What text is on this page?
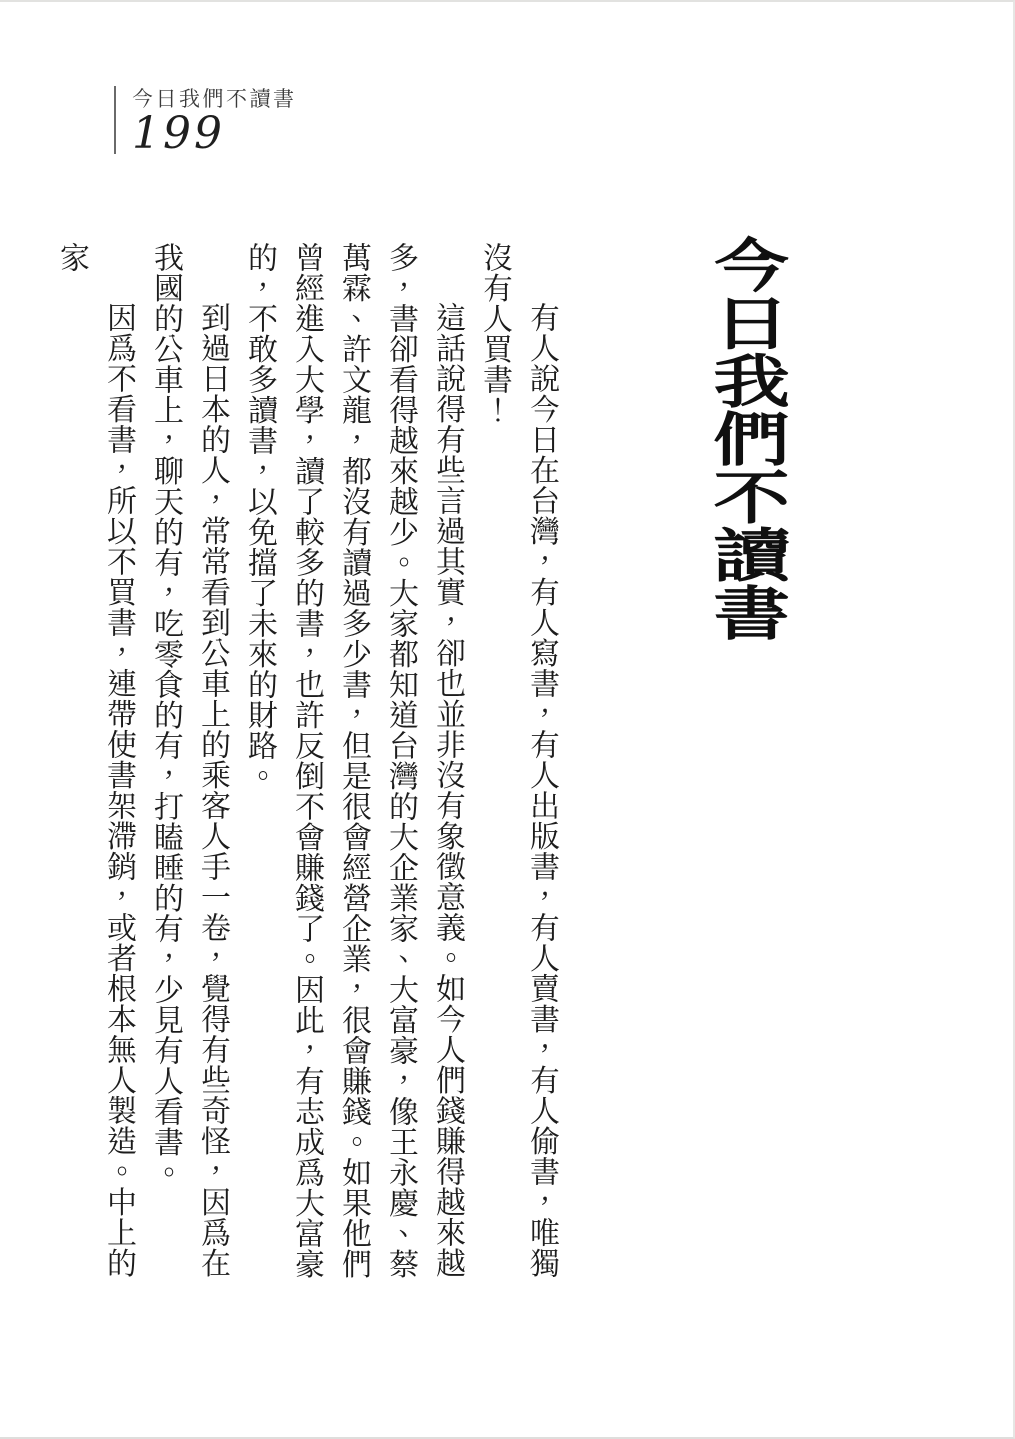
今日我們不讀書
199
今日我們不讀書

有人說今日在台灣，有人寫書，有人出版書，有人賣書，有人偷書，唯獨沒有人買書！

這話說得有些言過其實，卻也並非沒有象徵意義。如今人們錢賺得越來越多，書卻看得越來越少。大家都知道台灣的大企業家、大富豪，像王永慶、蔡萬霖、許文龍，都沒有讀過多少書，但是很會經營企業，很會賺錢。如果他們曾經進入大學，讀了較多的書，也許反倒不會賺錢了。因此，有志成爲大富豪的，不敢多讀書，以免擋了未來的財路。

到過日本的人，常常看到公車上的乘客人手一卷，覺得有些奇怪，因爲在我國的公車上，聊天的有，吃零食的有，打瞌睡的有，少見有人看書。

因爲不看書，所以不買書，連帶使書架滯銷，或者根本無人製造。中上的家
